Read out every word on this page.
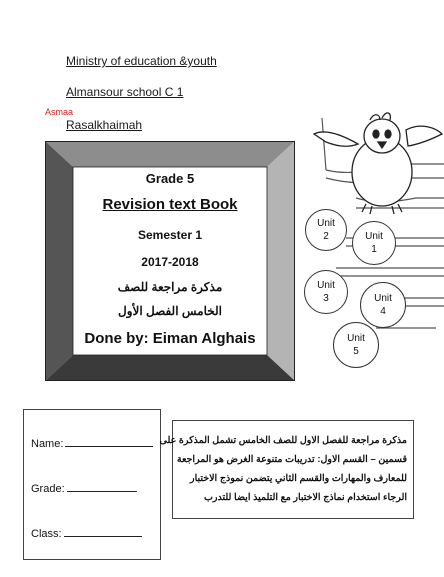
Ministry of education &youth
Almansour school C 1
Asmaa
Rasalkhaimah
Grade 5
Revision text Book
Semester 1
2017-2018
مذكرة مراجعة للصف
الخامس الفصل الأول
Done by: Eiman Alghais
Unit
2	Unit
1
Unit
3	Unit
4
Unit
5
Name:
Grade:
Class:
مذكرة مراجعة للفصل الاول للصف الخامس تشمل المذكرة على
قسمين – القسم الاول: تدريبات متنوعة الغرض هو المراجعة
للمعارف والمهارات والقسم الثاني يتضمن نموذج الاختبار
الرجاء استخدام نماذج الاختبار مع التلميذ ايضا للتدرب
